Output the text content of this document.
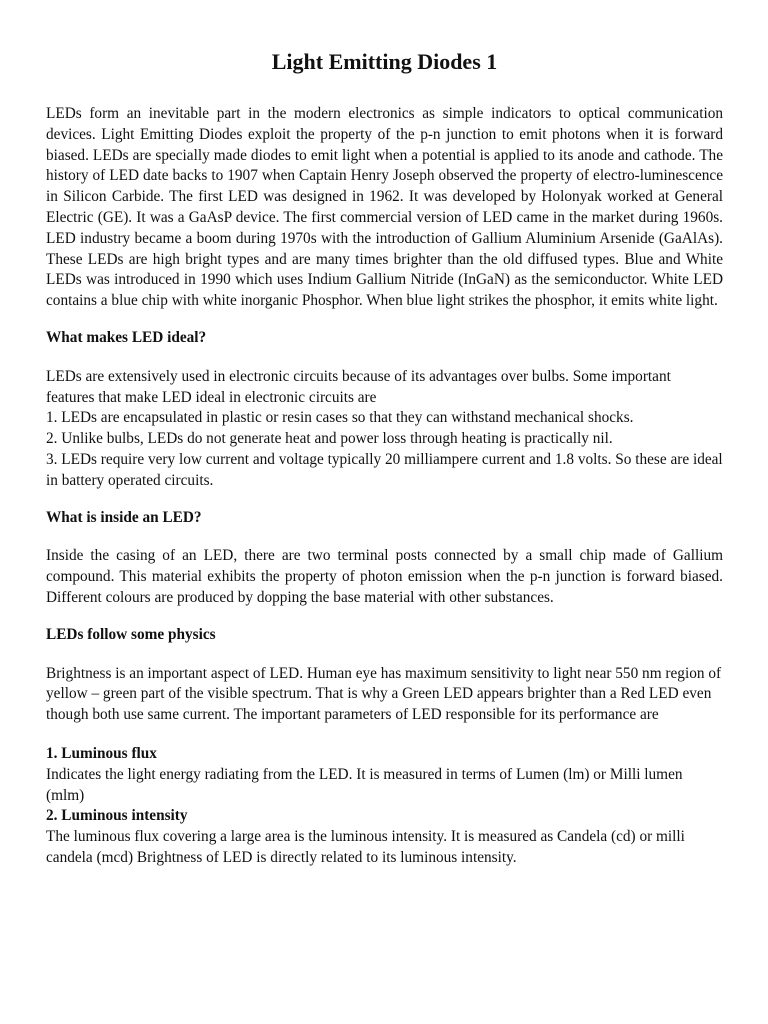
Light Emitting Diodes 1

LEDs form an inevitable part in the modern electronics as simple indicators to optical communication devices. Light Emitting Diodes exploit the property of the p-n junction to emit photons when it is forward biased. LEDs are specially made diodes to emit light when a potential is applied to its anode and cathode. The history of LED date backs to 1907 when Captain Henry Joseph observed the property of electro-luminescence in Silicon Carbide. The first LED was designed in 1962. It was developed by Holonyak worked at General Electric (GE). It was a GaAsP device. The first commercial version of LED came in the market during 1960s. LED industry became a boom during 1970s with the introduction of Gallium Aluminium Arsenide (GaAlAs). These LEDs are high bright types and are many times brighter than the old diffused types. Blue and White LEDs was introduced in 1990 which uses Indium Gallium Nitride (InGaN) as the semiconductor. White LED contains a blue chip with white inorganic Phosphor. When blue light strikes the phosphor, it emits white light.

What makes LED ideal?

LEDs are extensively used in electronic circuits because of its advantages over bulbs. Some important features that make LED ideal in electronic circuits are
1. LEDs are encapsulated in plastic or resin cases so that they can withstand mechanical shocks.
2. Unlike bulbs, LEDs do not generate heat and power loss through heating is practically nil.
3. LEDs require very low current and voltage typically 20 milliampere current and 1.8 volts. So these are ideal in battery operated circuits.

What is inside an LED?

Inside the casing of an LED, there are two terminal posts connected by a small chip made of Gallium compound. This material exhibits the property of photon emission when the p-n junction is forward biased. Different colours are produced by dopping the base material with other substances.

LEDs follow some physics

Brightness is an important aspect of LED. Human eye has maximum sensitivity to light near 550 nm region of yellow – green part of the visible spectrum. That is why a Green LED appears brighter than a Red LED even though both use same current. The important parameters of LED responsible for its performance are

1. Luminous flux

Indicates the light energy radiating from the LED. It is measured in terms of Lumen (lm) or Milli lumen (mlm)

2. Luminous intensity

The luminous flux covering a large area is the luminous intensity. It is measured as Candela (cd) or milli candela (mcd) Brightness of LED is directly related to its luminous intensity.
